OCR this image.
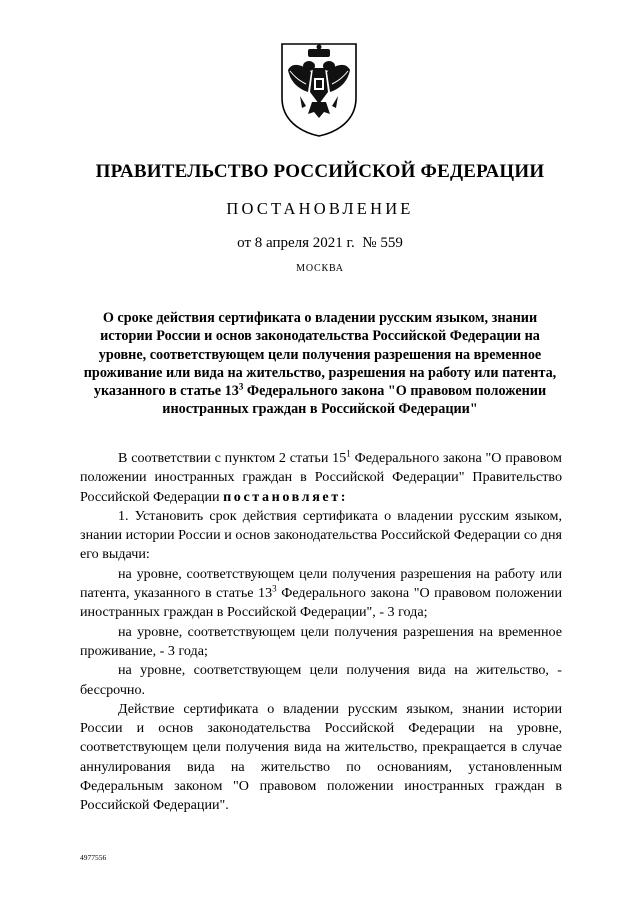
ПРАВИТЕЛЬСТВО РОССИЙСКОЙ ФЕДЕРАЦИИ
ПОСТАНОВЛЕНИЕ
от 8 апреля 2021 г. № 559
МОСКВА
О сроке действия сертификата о владении русским языком, знании истории России и основ законодательства Российской Федерации на уровне, соответствующем цели получения разрешения на временное проживание или вида на жительство, разрешения на работу или патента, указанного в статье $13^3$ Федерального закона "О правовом положении иностранных граждан в Российской Федерации"

В соответствии с пунктом 2 статьи $15^1$ Федерального закона "О правовом положении иностранных граждан в Российской Федерации" Правительство Российской Федерации постановляет:

1. Установить срок действия сертификата о владении русским языком, знании истории России и основ законодательства Российской Федерации со дня его выдачи:

на уровне, соответствующем цели получения разрешения на работу или патента, указанного в статье $13^3$ Федерального закона "О правовом положении иностранных граждан в Российской Федерации", - 3 года;

на уровне, соответствующем цели получения разрешения на временное проживание, - 3 года;

на уровне, соответствующем цели получения вида на жительство, - бессрочно.

Действие сертификата о владении русским языком, знании истории России и основ законодательства Российской Федерации на уровне, соответствующем цели получения вида на жительство, прекращается в случае аннулирования вида на жительство по основаниям, установленным Федеральным законом "О правовом положении иностранных граждан в Российской Федерации".

4977556
